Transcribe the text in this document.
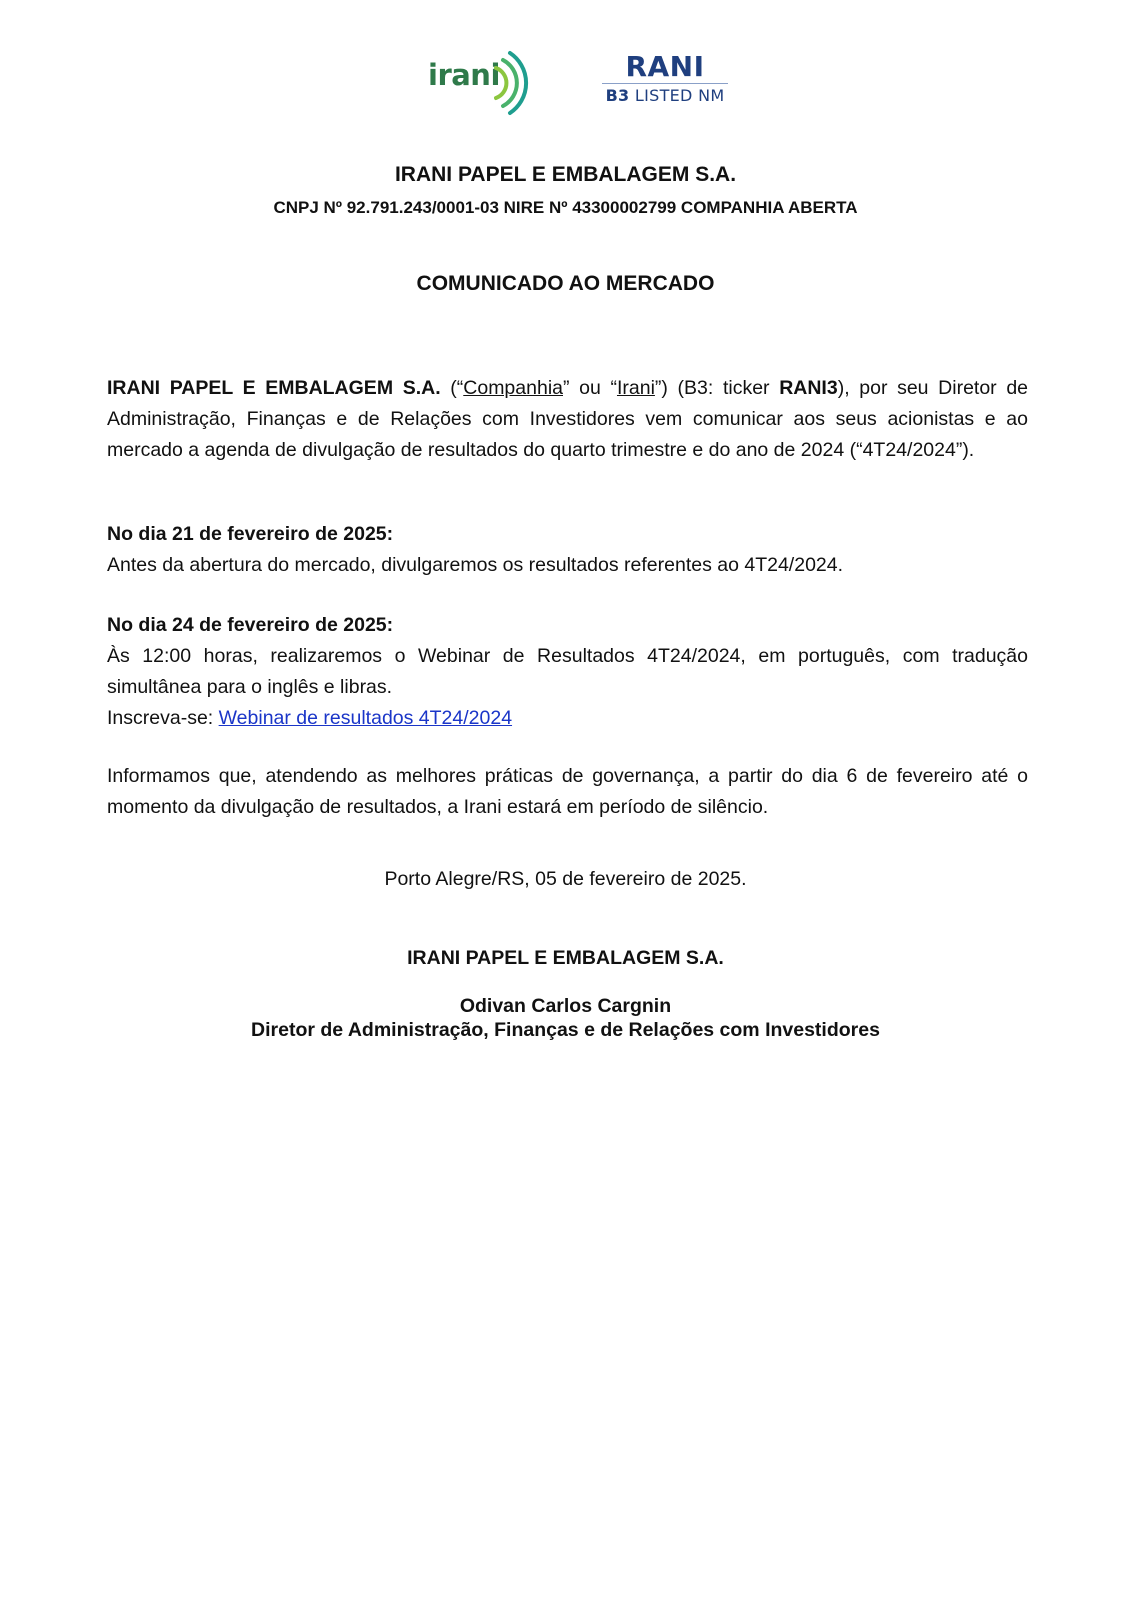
irani	RANI
B3 LISTED NM
IRANI PAPEL E EMBALAGEM S.A.
CNPJ Nº 92.791.243/0001-03 NIRE Nº 43300002799 COMPANHIA ABERTA
COMUNICADO AO MERCADO
IRANI PAPEL E EMBALAGEM S.A. (“Companhia” ou “Irani”) (B3: ticker RANI3), por seu Diretor de Administração, Finanças e de Relações com Investidores vem comunicar aos seus acionistas e ao mercado a agenda de divulgação de resultados do quarto trimestre e do ano de 2024 (“4T24/2024”).
No dia 21 de fevereiro de 2025:
Antes da abertura do mercado, divulgaremos os resultados referentes ao 4T24/2024.
No dia 24 de fevereiro de 2025:
Às 12:00 horas, realizaremos o Webinar de Resultados 4T24/2024, em português, com tradução simultânea para o inglês e libras.
Inscreva-se: Webinar de resultados 4T24/2024
Informamos que, atendendo as melhores práticas de governança, a partir do dia 6 de fevereiro até o momento da divulgação de resultados, a Irani estará em período de silêncio.
Porto Alegre/RS, 05 de fevereiro de 2025.
IRANI PAPEL E EMBALAGEM S.A.
Odivan Carlos Cargnin
Diretor de Administração, Finanças e de Relações com Investidores
